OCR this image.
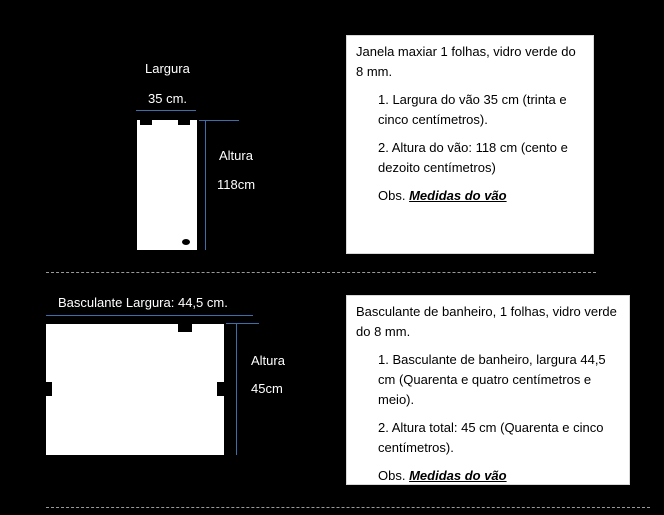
Largura
35 cm.
Altura
118cm

Janela maxiar 1 folhas, vidro verde do 8 mm.

1. Largura do vão 35 cm (trinta e cinco centímetros).

2. Altura do vão: 118 cm (cento e dezoito centímetros)

Obs. Medidas do vão

Basculante Largura: 44,5 cm.
Altura
45cm

Basculante de banheiro, 1 folhas, vidro verde do 8 mm.

1. Basculante de banheiro, largura 44,5 cm (Quarenta e quatro centímetros e meio).

2. Altura total: 45 cm (Quarenta e cinco centímetros).

Obs. Medidas do vão
